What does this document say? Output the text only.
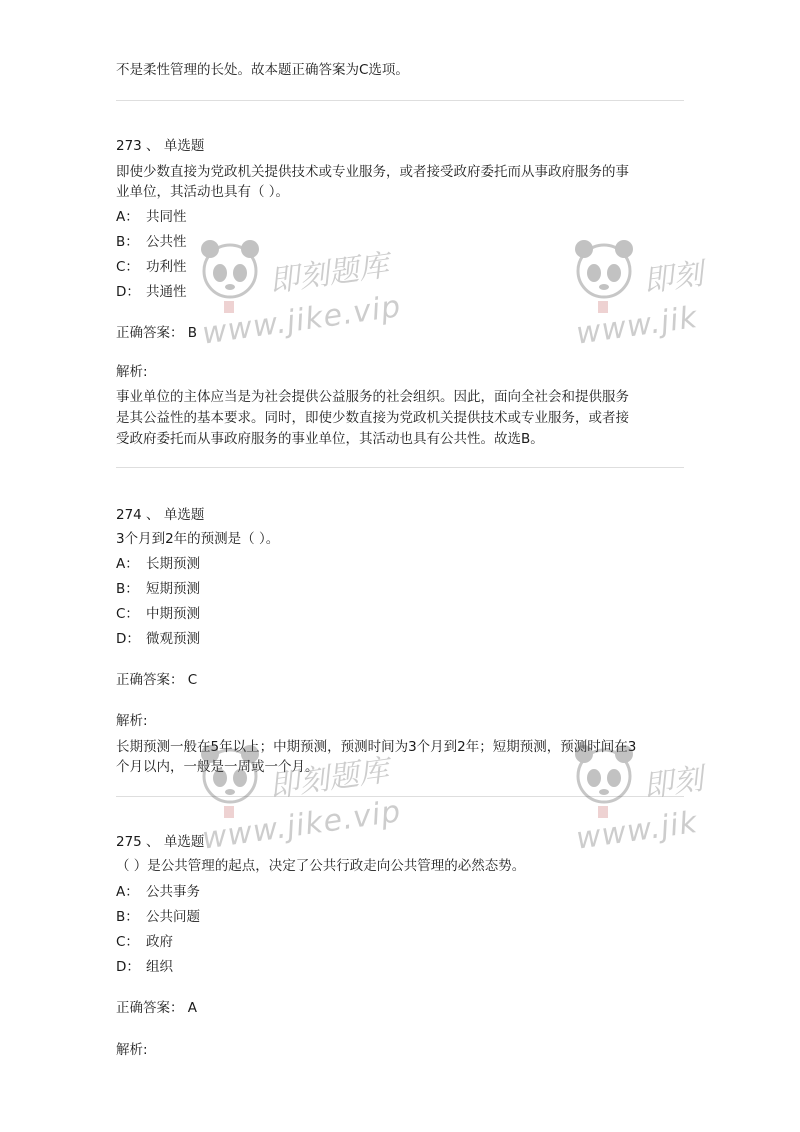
不是柔性管理的长处。故本题正确答案为C选项。
273 、 单选题
即使少数直接为党政机关提供技术或专业服务，或者接受政府委托而从事政府服务的事
业单位，其活动也具有（ ）。
A： 共同性
B： 公共性
C： 功利性
D： 共通性
正确答案： B
解析:
事业单位的主体应当是为社会提供公益服务的社会组织。因此，面向全社会和提供服务
是其公益性的基本要求。同时，即使少数直接为党政机关提供技术或专业服务，或者接
受政府委托而从事政府服务的事业单位，其活动也具有公共性。故选B。
274 、 单选题
3个月到2年的预测是（ ）。
A： 长期预测
B： 短期预测
C： 中期预测
D： 微观预测
正确答案： C
解析:
长期预测一般在5年以上；中期预测，预测时间为3个月到2年；短期预测，预测时间在3
个月以内，一般是一周或一个月。
275 、 单选题
（ ）是公共管理的起点，决定了公共行政走向公共管理的必然态势。
A： 公共事务
B： 公共问题
C： 政府
D： 组织
正确答案： A
解析:
即刻题库
www.jike.vip
即刻
www.jik
即刻题库
www.jike.vip
即刻
www.jik
